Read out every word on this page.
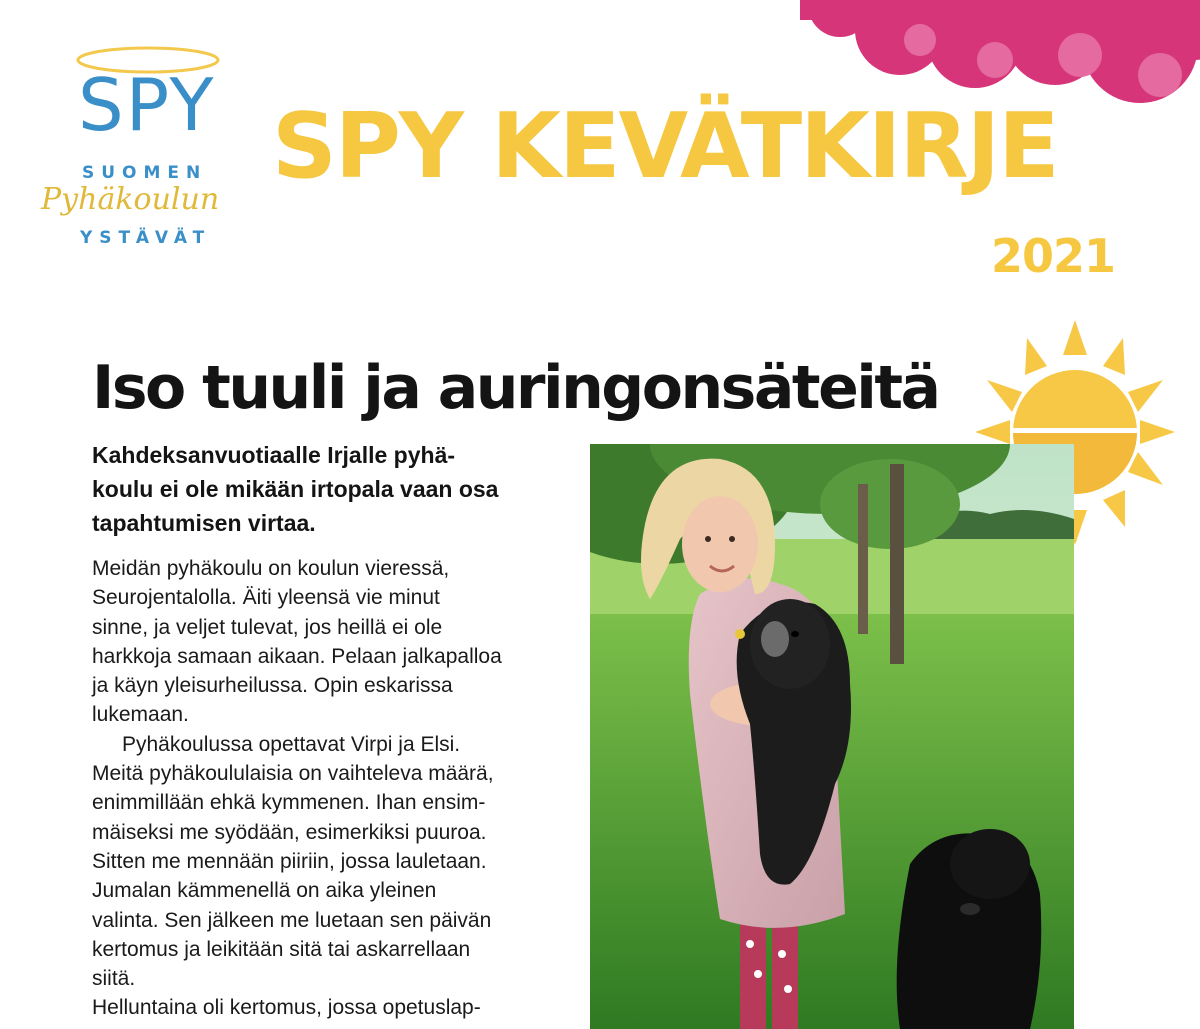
SPY
SUOMEN
Pyhäkoulun
YSTÄVÄT
SPY KEVÄTKIRJE
2021
Iso tuuli ja auringonsäteitä
Kahdeksanvuotiaalle Irjalle pyhä-
koulu ei ole mikään irtopala vaan osa
tapahtumisen virtaa.
Meidän pyhäkoulu on koulun vieressä,
Seurojentalolla. Äiti yleensä vie minut
sinne, ja veljet tulevat, jos heillä ei ole
harkkoja samaan aikaan. Pelaan jalkapalloa
ja käyn yleisurheilussa. Opin eskarissa
lukemaan.
Pyhäkoulussa opettavat Virpi ja Elsi.
Meitä pyhäkoululaisia on vaihteleva määrä,
enimmillään ehkä kymmenen. Ihan ensim-
mäiseksi me syödään, esimerkiksi puuroa.
Sitten me mennään piiriin, jossa lauletaan.
Jumalan kämmenellä on aika yleinen
valinta. Sen jälkeen me luetaan sen päivän
kertomus ja leikitään sitä tai askarrellaan
siitä.
Helluntaina oli kertomus, jossa opetuslap-
